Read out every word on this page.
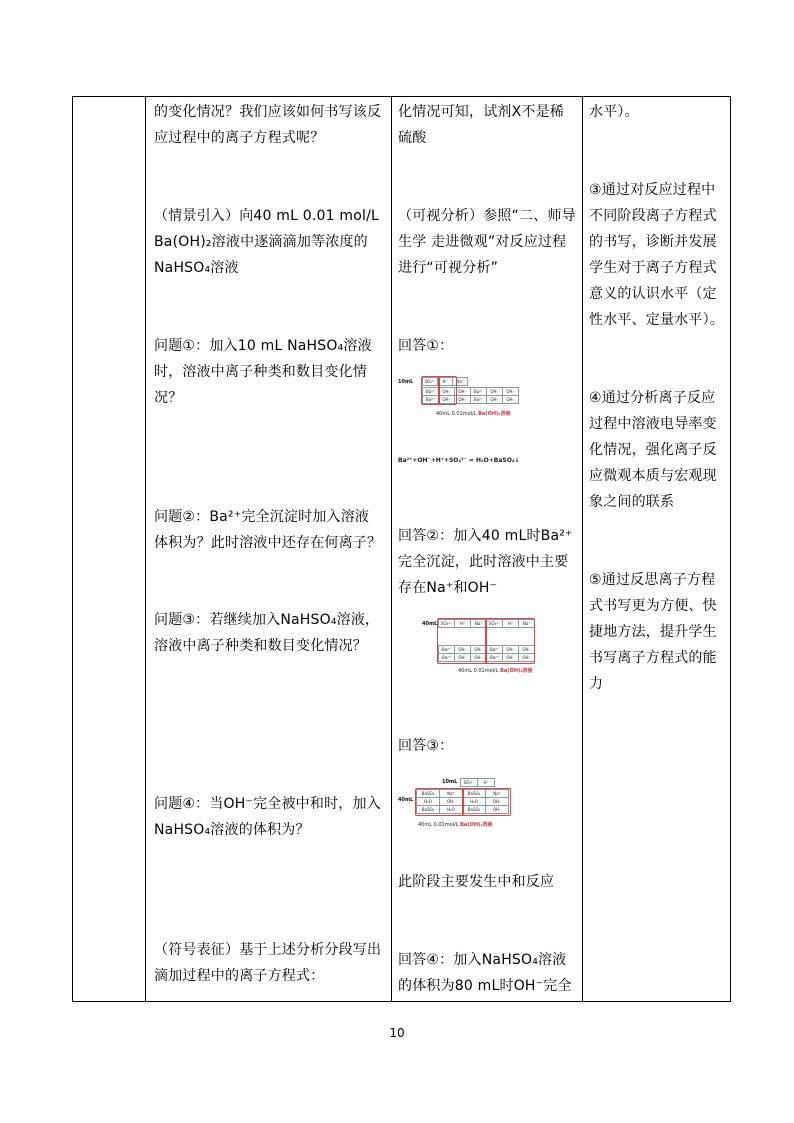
的变化情况？我们应该如何书写该反应过程中的离子方程式呢？
（情景引入）向40 mL 0.01 mol/L Ba(OH)₂溶液中逐滴滴加等浓度的NaHSO₄溶液
问题①：加入10 mL NaHSO₄溶液时，溶液中离子种类和数目变化情况？
问题②：Ba²⁺完全沉淀时加入溶液体积为？此时溶液中还存在何离子？
问题③：若继续加入NaHSO₄溶液，溶液中离子种类和数目变化情况？
问题④：当OH⁻完全被中和时，加入NaHSO₄溶液的体积为？
（符号表征）基于上述分析分段写出滴加过程中的离子方程式：

化情况可知，试剂X不是稀硫酸
（可视分析）参照“二、师导生学 走进微观”对反应过程进行“可视分析”
回答①：
10mL	SO₄²⁻	H⁺	Na⁺
Ba²⁺	OH⁻	OH⁻	Ba²⁺	OH⁻	OH⁻
Ba²⁺	OH⁻	OH⁻	Ba²⁺	OH⁻	OH⁻
40mL 0.01mol/L Ba(OH)₂溶液
Ba²⁺+OH⁻+H⁺+SO₄²⁻ = H₂O+BaSO₄↓
回答②：加入40 mL时Ba²⁺完全沉淀，此时溶液中主要存在Na⁺和OH⁻
40mL SO₄²⁻	H⁺	Na⁺	SO₄²⁻	H⁺	Na⁺
Ba²⁺	OH⁻	OH⁻	Ba²⁺	OH⁻	OH⁻
Ba²⁺	OH⁻	OH⁻	Ba²⁺	OH⁻	OH⁻
40mL 0.01mol/L Ba(OH)₂溶液
回答③：
10mL	SO₄²⁻	H⁺
40mL
BaSO₄	Na⁺	BaSO₄	Na⁺
H₂O	OH⁻	H₂O	OH⁻
BaSO₄	H₂O	BaSO₄	OH⁻
40mL 0.01mol/L Ba(OH)₂溶液
此阶段主要发生中和反应
回答④：加入NaHSO₄溶液的体积为80 mL时OH⁻完全

水平）。
③通过对反应过程中不同阶段离子方程式的书写，诊断并发展学生对于离子方程式意义的认识水平（定性水平、定量水平）。
④通过分析离子反应过程中溶液电导率变化情况，强化离子反应微观本质与宏观现象之间的联系
⑤通过反思离子方程式书写更为方便、快捷地方法，提升学生书写离子方程式的能力
10
